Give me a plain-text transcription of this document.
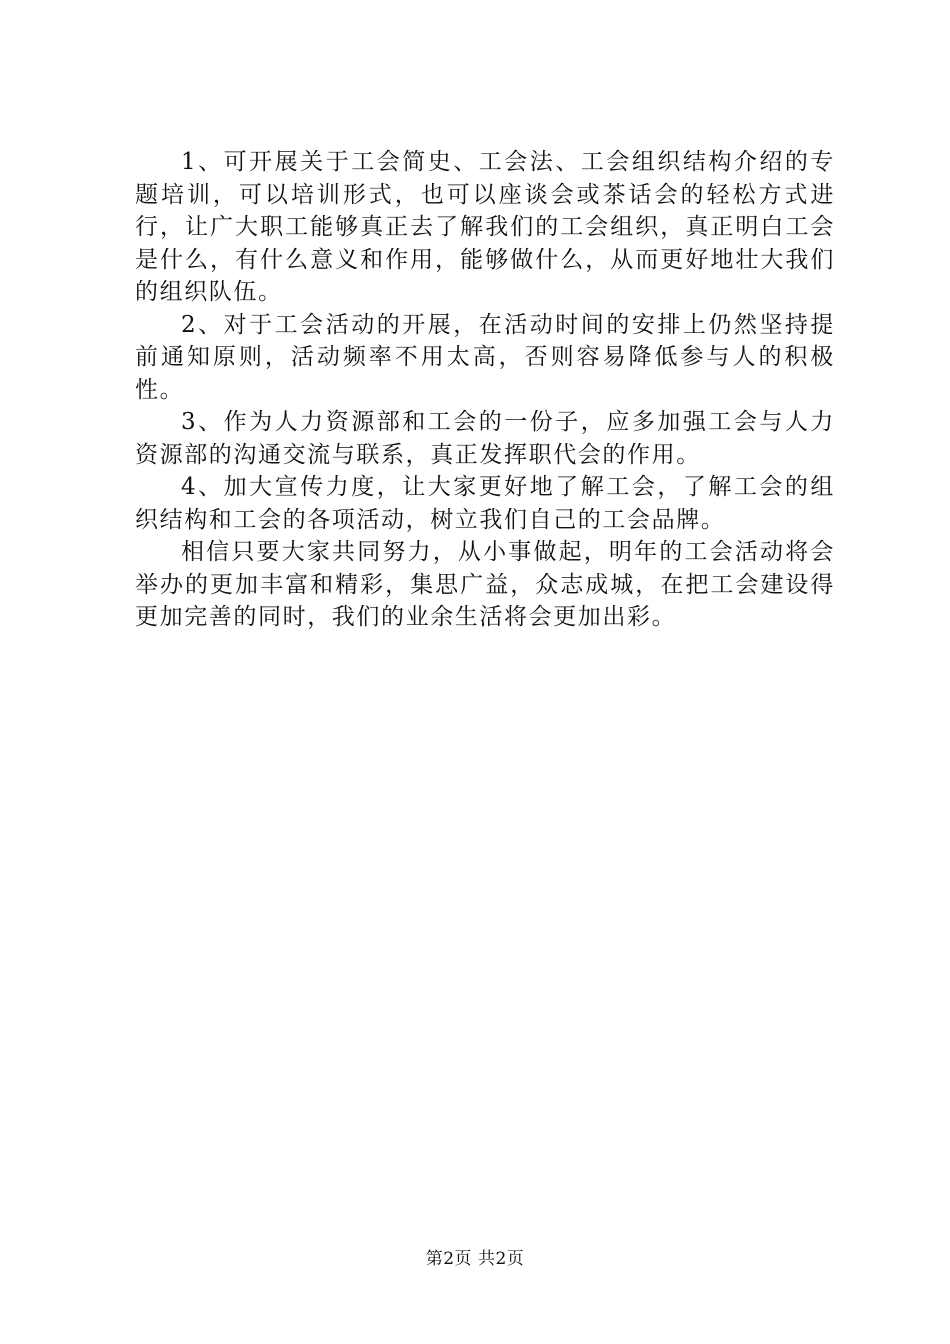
1、可开展关于工会简史、工会法、工会组织结构介绍的专题培训，可以培训形式，也可以座谈会或茶话会的轻松方式进行，让广大职工能够真正去了解我们的工会组织，真正明白工会是什么，有什么意义和作用，能够做什么，从而更好地壮大我们的组织队伍。

2、对于工会活动的开展，在活动时间的安排上仍然坚持提前通知原则，活动频率不用太高，否则容易降低参与人的积极性。

3、作为人力资源部和工会的一份子，应多加强工会与人力资源部的沟通交流与联系，真正发挥职代会的作用。

4、加大宣传力度，让大家更好地了解工会，了解工会的组织结构和工会的各项活动，树立我们自己的工会品牌。

相信只要大家共同努力，从小事做起，明年的工会活动将会举办的更加丰富和精彩，集思广益，众志成城，在把工会建设得更加完善的同时，我们的业余生活将会更加出彩。

第2页 共2页
